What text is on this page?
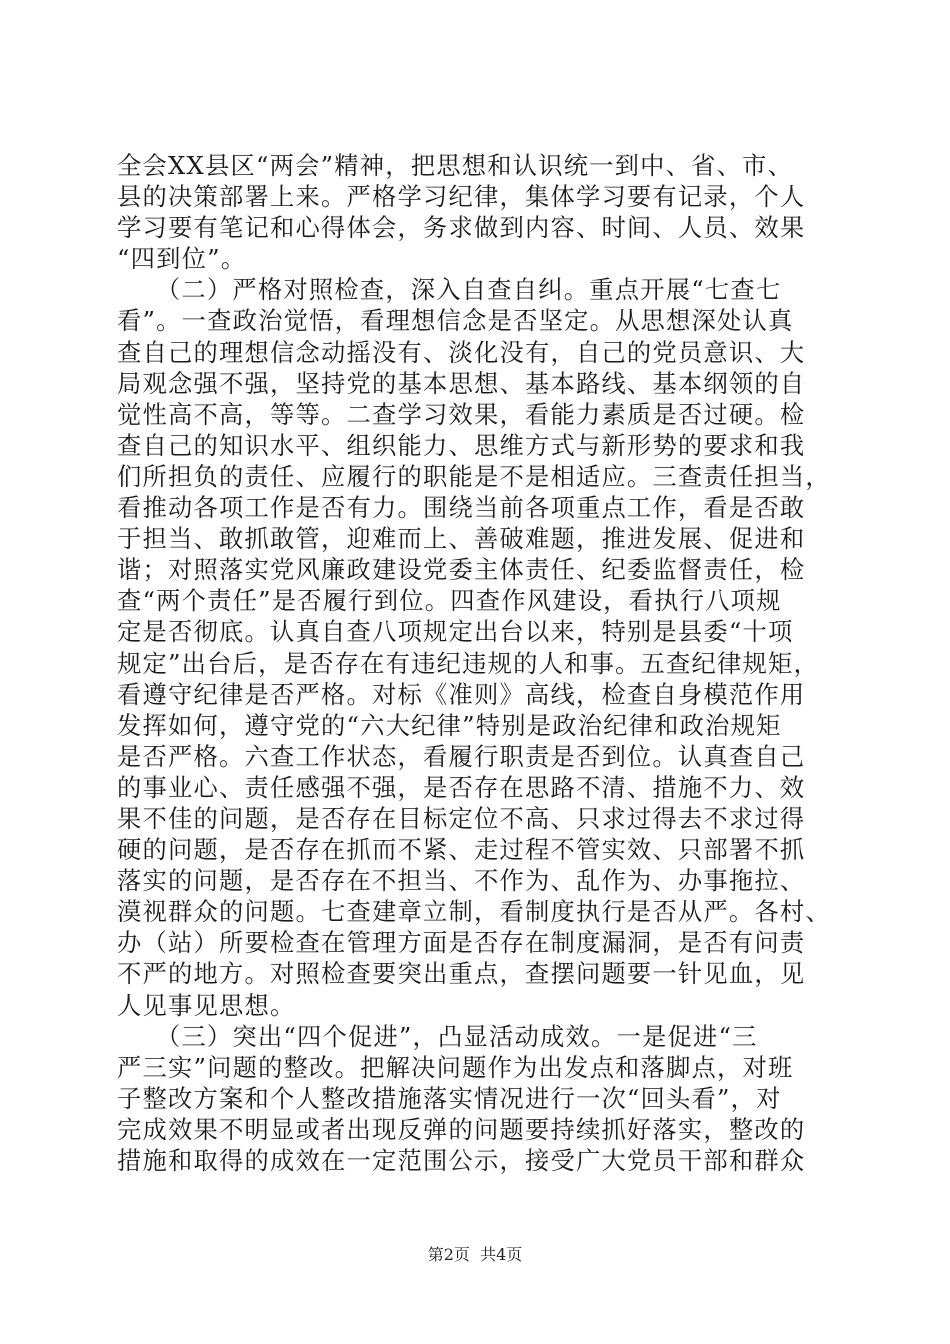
全会XX县区“两会”精神，把思想和认识统一到中、省、市、
县的决策部署上来。严格学习纪律，集体学习要有记录，个人
学习要有笔记和心得体会，务求做到内容、时间、人员、效果
“四到位”。
　　（二）严格对照检查，深入自查自纠。重点开展“七查七
看”。一查政治觉悟，看理想信念是否坚定。从思想深处认真
查自己的理想信念动摇没有、淡化没有，自己的党员意识、大
局观念强不强，坚持党的基本思想、基本路线、基本纲领的自
觉性高不高，等等。二查学习效果，看能力素质是否过硬。检
查自己的知识水平、组织能力、思维方式与新形势的要求和我
们所担负的责任、应履行的职能是不是相适应。三查责任担当，
看推动各项工作是否有力。围绕当前各项重点工作，看是否敢
于担当、敢抓敢管，迎难而上、善破难题，推进发展、促进和
谐；对照落实党风廉政建设党委主体责任、纪委监督责任，检
查“两个责任”是否履行到位。四查作风建设，看执行八项规
定是否彻底。认真自查八项规定出台以来，特别是县委“十项
规定”出台后，是否存在有违纪违规的人和事。五查纪律规矩，
看遵守纪律是否严格。对标《准则》高线，检查自身模范作用
发挥如何，遵守党的“六大纪律”特别是政治纪律和政治规矩
是否严格。六查工作状态，看履行职责是否到位。认真查自己
的事业心、责任感强不强，是否存在思路不清、措施不力、效
果不佳的问题，是否存在目标定位不高、只求过得去不求过得
硬的问题，是否存在抓而不紧、走过程不管实效、只部署不抓
落实的问题，是否存在不担当、不作为、乱作为、办事拖拉、
漠视群众的问题。七查建章立制，看制度执行是否从严。各村、
办（站）所要检查在管理方面是否存在制度漏洞，是否有问责
不严的地方。对照检查要突出重点，查摆问题要一针见血，见
人见事见思想。
　　（三）突出“四个促进”，凸显活动成效。一是促进“三
严三实”问题的整改。把解决问题作为出发点和落脚点，对班
子整改方案和个人整改措施落实情况进行一次“回头看”，对
完成效果不明显或者出现反弹的问题要持续抓好落实，整改的
措施和取得的成效在一定范围公示，接受广大党员干部和群众
第2页  共4页
